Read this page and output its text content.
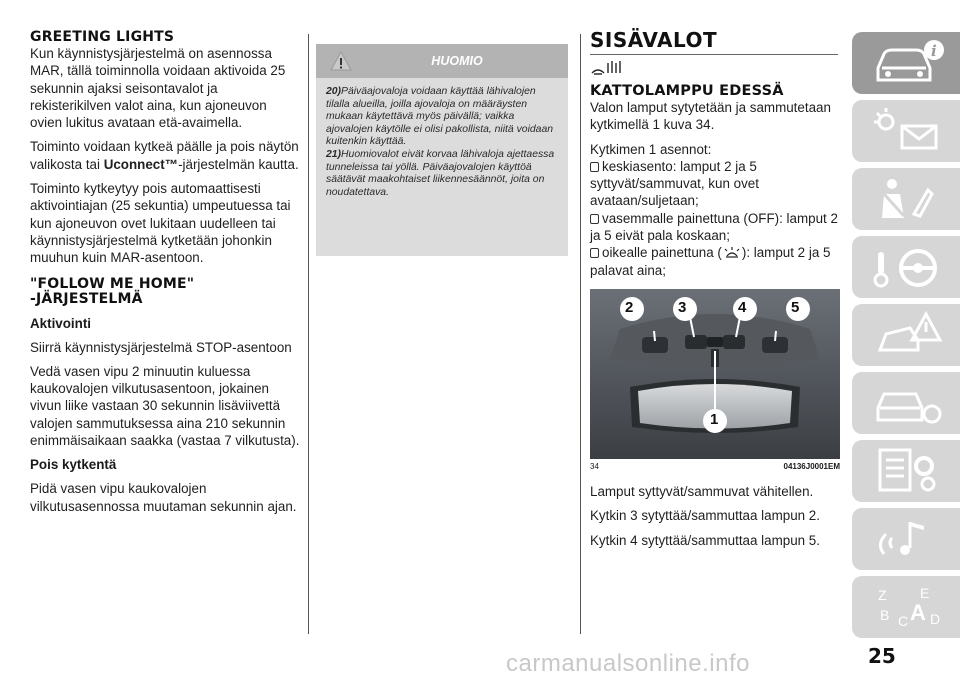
GREETING LIGHTS

Kun käynnistysjärjestelmä on asennossa MAR, tällä toiminnolla voidaan aktivoida 25 sekunnin ajaksi seisontavalot ja rekisterikilven valot aina, kun ajoneuvon ovien lukitus avataan etä-avaimella.

Toiminto voidaan kytkeä päälle ja pois näytön valikosta tai Uconnect™-järjestelmän kautta.

Toiminto kytkeytyy pois automaattisesti aktivointiajan (25 sekuntia) umpeutuessa tai kun ajoneuvon ovet lukitaan uudelleen tai käynnistysjärjestelmä kytketään johonkin muuhun kuin MAR-asentoon.

"FOLLOW ME HOME"
-JÄRJESTELMÄ
Aktivointi

Siirrä käynnistysjärjestelmä STOP-asentoon

Vedä vasen vipu 2 minuutin kuluessa kaukovalojen vilkutusasentoon, jokainen vivun liike vastaan 30 sekunnin lisäviivettä valojen sammutuksessa aina 210 sekunnin enimmäisaikaan saakka (vastaa 7 vilkutusta).

Pois kytkentä

Pidä vasen vipu kaukovalojen vilkutusasennossa muutaman sekunnin ajan.

HUOMIO

20)Päiväajovaloja voidaan käyttää lähivalojen tilalla alueilla, joilla ajovaloja on määräysten mukaan käytettävä myös päivällä; vaikka ajovalojen käytölle ei olisi pakollista, niitä voidaan kuitenkin käyttää.

21)Huomiovalot eivät korvaa lähivaloja ajettaessa tunneleissa tai yöllä. Päiväajovalojen käyttöä säätävät maakohtaiset liikennesäännöt, joita on noudatettava.

SISÄVALOT
KATTOLAMPPU EDESSÄ

Valon lamput sytytetään ja sammutetaan kytkimellä 1 kuva 34.

Kytkimen 1 asennot:

keskiasento: lamput 2 ja 5 syttyvät/sammuvat, kun ovet avataan/suljetaan;

vasemmalle painettuna (OFF): lamput 2 ja 5 eivät pala koskaan;

oikealle painettuna ( ): lamput 2 ja 5 palavat aina;

2	3	4	5
1
34	04136J0001EM

Lamput syttyvät/sammuvat vähitellen.

Kytkin 3 sytyttää/sammuttaa lampun 2.

Kytkin 4 sytyttää/sammuttaa lampun 5.

i
Z E
B C A D
25
carmanualsonline.info
